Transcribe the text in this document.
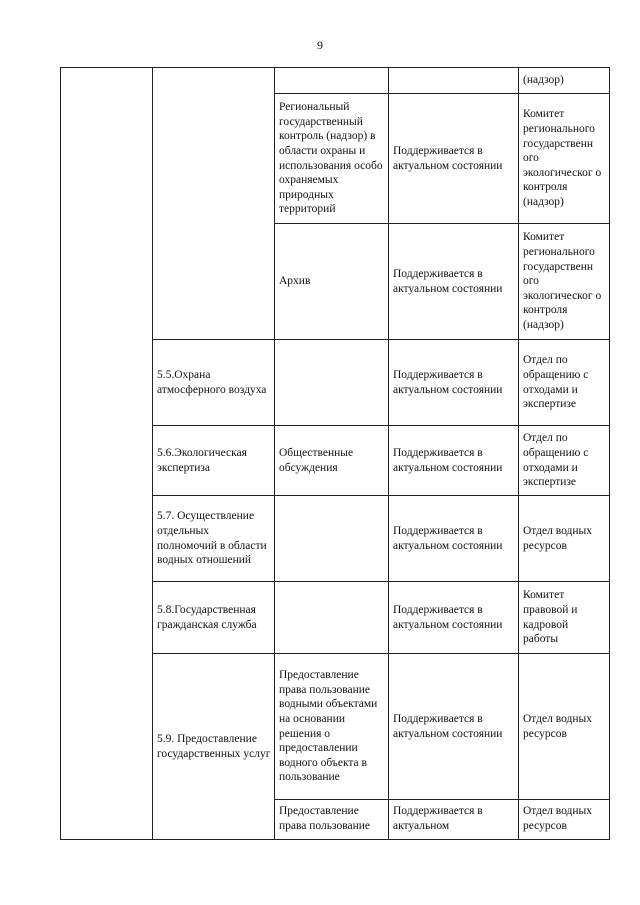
9
				(надзор)
		Региональный государственный контроль (надзор) в области охраны и использования особо охраняемых природных территорий	Поддерживается в актуальном состоянии	Комитет регионального государственн ого экологическог о контроля (надзор)
		Архив	Поддерживается в актуальном состоянии	Комитет регионального государственн ого экологическог о контроля (надзор)
	5.5.Охрана атмосферного воздуха		Поддерживается в актуальном состоянии	Отдел по обращению с отходами и экспертизе
	5.6.Экологическая экспертиза	Общественные обсуждения	Поддерживается в актуальном состоянии	Отдел по обращению с отходами и экспертизе
	5.7. Осуществление отдельных полномочий в области водных отношений		Поддерживается в актуальном состоянии	Отдел водных ресурсов
	5.8.Государственная гражданская служба		Поддерживается в актуальном состоянии	Комитет правовой и кадровой работы
	5.9. Предоставление государственных услуг	Предоставление права пользование водными объектами на основании решения о предоставлении водного объекта в пользование	Поддерживается в актуальном состоянии	Отдел водных ресурсов
		Предоставление права пользование	Поддерживается в актуальном	Отдел водных ресурсов
